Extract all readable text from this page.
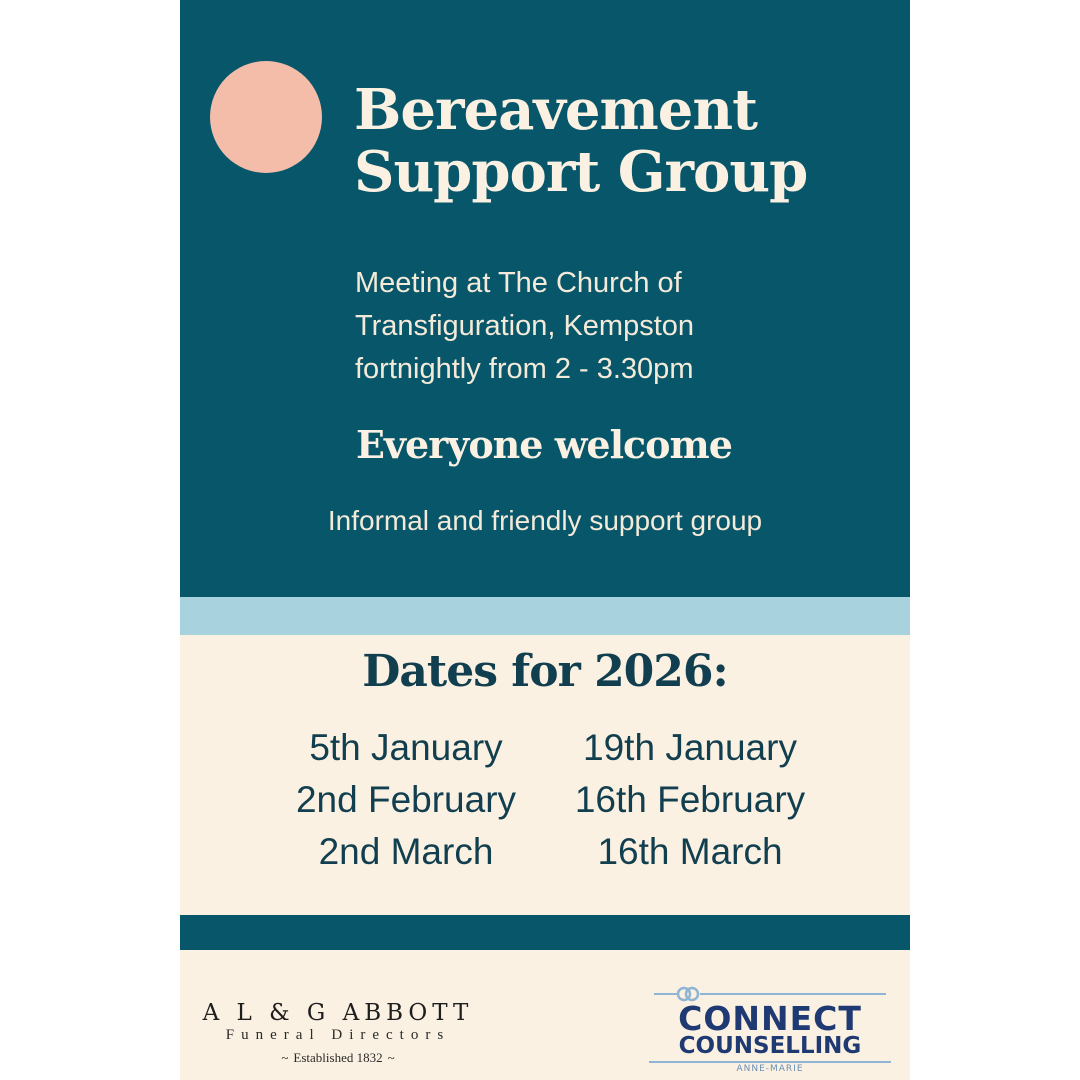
Bereavement
Support Group
Meeting at The Church of
Transfiguration, Kempston
fortnightly from 2 - 3.30pm
Everyone welcome
Informal and friendly support group
Dates for 2026:
5th January	19th January
2nd February	16th February
2nd March	16th March
A L & G ABBOTT
Funeral Directors
~ Established 1832 ~
CONNECT
COUNSELLING
ANNE-MARIE
